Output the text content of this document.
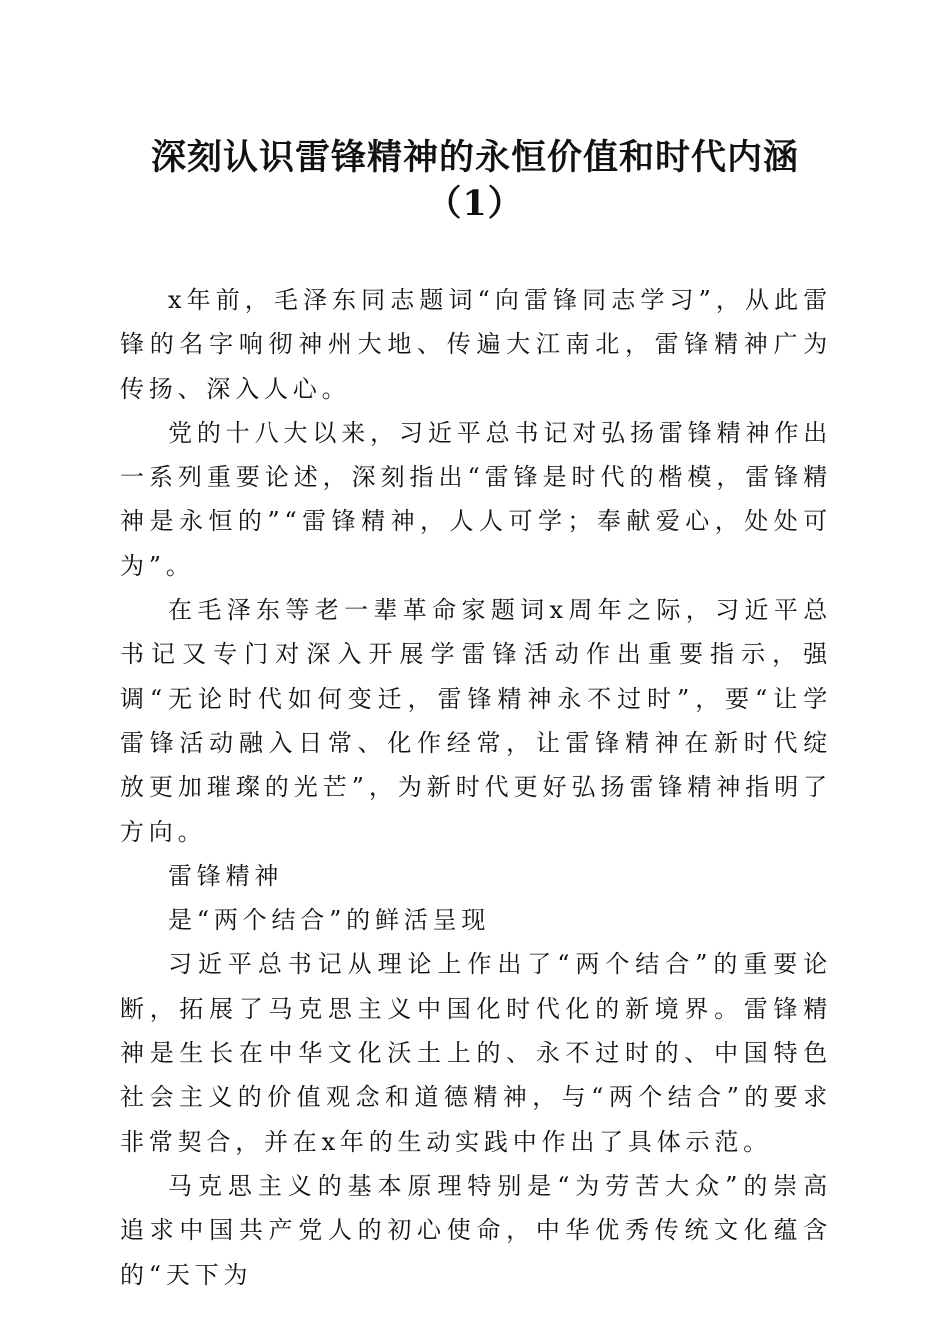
深刻认识雷锋精神的永恒价值和时代内涵
（1）

x年前，毛泽东同志题词“向雷锋同志学习”，从此雷锋的名字响彻神州大地、传遍大江南北，雷锋精神广为传扬、深入人心。

党的十八大以来，习近平总书记对弘扬雷锋精神作出一系列重要论述，深刻指出“雷锋是时代的楷模，雷锋精神是永恒的”“雷锋精神，人人可学；奉献爱心，处处可为”。

在毛泽东等老一辈革命家题词x周年之际，习近平总书记又专门对深入开展学雷锋活动作出重要指示，强调“无论时代如何变迁，雷锋精神永不过时”，要“让学雷锋活动融入日常、化作经常，让雷锋精神在新时代绽放更加璀璨的光芒”，为新时代更好弘扬雷锋精神指明了方向。

雷锋精神

是“两个结合”的鲜活呈现

习近平总书记从理论上作出了“两个结合”的重要论断，拓展了马克思主义中国化时代化的新境界。雷锋精神是生长在中华文化沃土上的、永不过时的、中国特色社会主义的价值观念和道德精神，与“两个结合”的要求非常契合，并在x年的生动实践中作出了具体示范。

马克思主义的基本原理特别是“为劳苦大众”的崇高追求中国共产党人的初心使命，中华优秀传统文化蕴含的“天下为
